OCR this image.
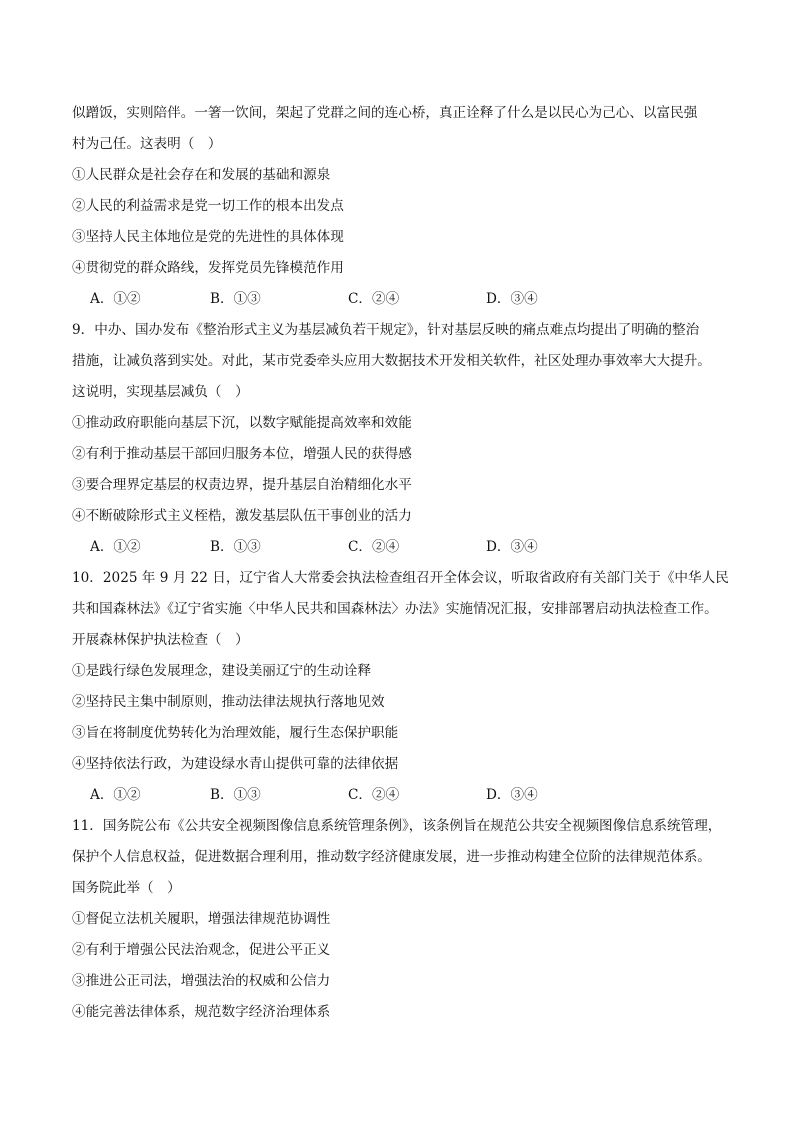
似蹭饭，实则陪伴。一箸一饮间，架起了党群之间的连心桥，真正诠释了什么是以民心为己心、以富民强
村为己任。这表明（　）
①人民群众是社会存在和发展的基础和源泉
②人民的利益需求是党一切工作的根本出发点
③坚持人民主体地位是党的先进性的具体体现
④贯彻党的群众路线，发挥党员先锋模范作用
A．①②	B．①③	C．②④	D．③④
9．中办、国办发布《整治形式主义为基层减负若干规定》，针对基层反映的痛点难点均提出了明确的整治
措施，让减负落到实处。对此，某市党委牵头应用大数据技术开发相关软件，社区处理办事效率大大提升。
这说明，实现基层减负（　）
①推动政府职能向基层下沉，以数字赋能提高效率和效能
②有利于推动基层干部回归服务本位，增强人民的获得感
③要合理界定基层的权责边界，提升基层自治精细化水平
④不断破除形式主义桎梏，激发基层队伍干事创业的活力
A．①②	B．①③	C．②④	D．③④
10．2025 年 9 月 22 日，辽宁省人大常委会执法检查组召开全体会议，听取省政府有关部门关于《中华人民
共和国森林法》《辽宁省实施〈中华人民共和国森林法〉办法》实施情况汇报，安排部署启动执法检查工作。
开展森林保护执法检查（　）
①是践行绿色发展理念，建设美丽辽宁的生动诠释
②坚持民主集中制原则，推动法律法规执行落地见效
③旨在将制度优势转化为治理效能，履行生态保护职能
④坚持依法行政，为建设绿水青山提供可靠的法律依据
A．①②	B．①③	C．②④	D．③④
11．国务院公布《公共安全视频图像信息系统管理条例》，该条例旨在规范公共安全视频图像信息系统管理，
保护个人信息权益，促进数据合理利用，推动数字经济健康发展，进一步推动构建全位阶的法律规范体系。
国务院此举（　）
①督促立法机关履职，增强法律规范协调性
②有利于增强公民法治观念，促进公平正义
③推进公正司法，增强法治的权威和公信力
④能完善法律体系，规范数字经济治理体系
